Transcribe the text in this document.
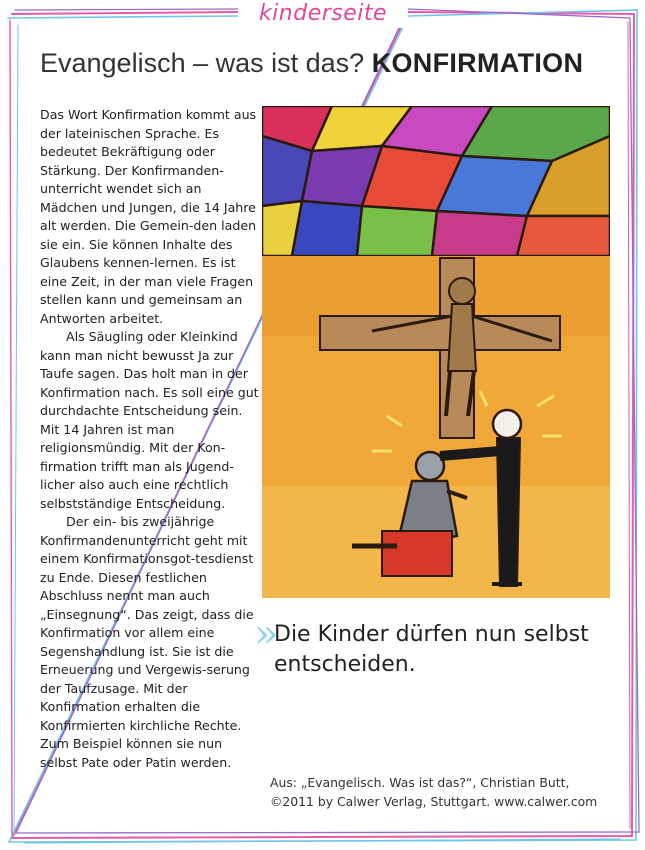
kinderseite
Evangelisch – was ist das? KONFIRMATION

Das Wort Konfirmation kommt aus der lateinischen Sprache. Es bedeutet Bekräftigung oder Stärkung. Der Konfirmanden-unterricht wendet sich an Mädchen und Jungen, die 14 Jahre alt werden. Die Gemein-den laden sie ein. Sie können Inhalte des Glaubens kennen-lernen. Es ist eine Zeit, in der man viele Fragen stellen kann und gemeinsam an Antworten arbeitet.

Als Säugling oder Kleinkind kann man nicht bewusst Ja zur Taufe sagen. Das holt man in der Konfirmation nach. Es soll eine gut durchdachte Entscheidung sein. Mit 14 Jahren ist man religionsmündig. Mit der Kon-firmation trifft man als Jugend-licher also auch eine rechtlich selbstständige Entscheidung.

Der ein- bis zweijährige Konfirmandenunterricht geht mit einem Konfirmationsgot-tesdienst zu Ende. Diesen festlichen Abschluss nennt man auch „Einsegnung“. Das zeigt, dass die Konfirmation vor allem eine Segenshandlung ist. Sie ist die Erneuerung und Vergewis-serung der Taufzusage. Mit der Konfirmation erhalten die Konfirmierten kirchliche Rechte. Zum Beispiel können sie nun selbst Pate oder Patin werden.

»
Die Kinder dürfen nun selbst entscheiden.
Aus: „Evangelisch. Was ist das?“, Christian Butt,
©2011 by Calwer Verlag, Stuttgart. www.calwer.com
